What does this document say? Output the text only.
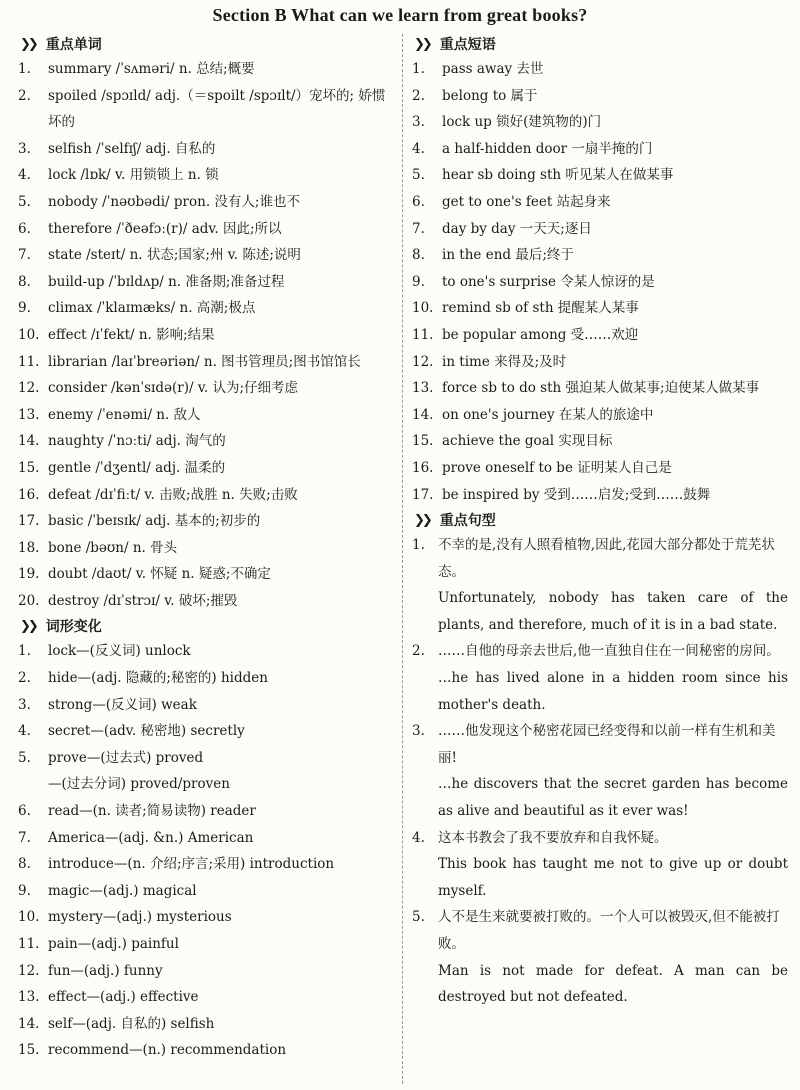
Section B What can we learn from great books?
❯❯ 重点单词
1.	summary /ˈsʌməri/ n. 总结;概要
2.	spoiled /spɔɪld/ adj.（＝spoilt /spɔɪlt/）宠坏的; 娇惯坏的
3.	selfish /ˈselfɪʃ/ adj. 自私的
4.	lock /lɒk/ v. 用锁锁上 n. 锁
5.	nobody /ˈnəʊbədi/ pron. 没有人;谁也不
6.	therefore /ˈðeəfɔː(r)/ adv. 因此;所以
7.	state /steɪt/ n. 状态;国家;州 v. 陈述;说明
8.	build-up /ˈbɪldʌp/ n. 准备期;准备过程
9.	climax /ˈklaɪmæks/ n. 高潮;极点
10. effect /ɪˈfekt/ n. 影响;结果
11. librarian /laɪˈbreəriən/ n. 图书管理员;图书馆馆长
12. consider /kənˈsɪdə(r)/ v. 认为;仔细考虑
13. enemy /ˈenəmi/ n. 敌人
14. naughty /ˈnɔːti/ adj. 淘气的
15. gentle /ˈdʒentl/ adj. 温柔的
16. defeat /dɪˈfiːt/ v. 击败;战胜 n. 失败;击败
17. basic /ˈbeɪsɪk/ adj. 基本的;初步的
18. bone /bəʊn/ n. 骨头
19. doubt /daʊt/ v. 怀疑 n. 疑惑;不确定
20. destroy /dɪˈstrɔɪ/ v. 破坏;摧毁
❯❯ 词形变化
1.	lock—(反义词) unlock
2.	hide—(adj. 隐藏的;秘密的) hidden
3.	strong—(反义词) weak
4.	secret—(adv. 秘密地) secretly
5.	prove—(过去式) proved
—(过去分词) proved/proven
6.	read—(n. 读者;简易读物) reader
7.	America—(adj. &n.) American
8.	introduce—(n. 介绍;序言;采用) introduction
9.	magic—(adj.) magical
10. mystery—(adj.) mysterious
11. pain—(adj.) painful
12. fun—(adj.) funny
13. effect—(adj.) effective
14. self—(adj. 自私的) selfish
15. recommend—(n.) recommendation
❯❯ 重点短语
1.	pass away 去世
2.	belong to 属于
3.	lock up 锁好(建筑物的)门
4.	a half-hidden door 一扇半掩的门
5.	hear sb doing sth 听见某人在做某事
6.	get to one's feet 站起身来
7.	day by day 一天天;逐日
8.	in the end 最后;终于
9.	to one's surprise 令某人惊讶的是
10. remind sb of sth 提醒某人某事
11. be popular among 受……欢迎
12. in time 来得及;及时
13. force sb to do sth 强迫某人做某事;迫使某人做某事
14. on one's journey 在某人的旅途中
15. achieve the goal 实现目标
16. prove oneself to be 证明某人自己是
17. be inspired by 受到……启发;受到……鼓舞
❯❯ 重点句型
1. 不幸的是,没有人照看植物,因此,花园大部分都处于荒芜状态。
Unfortunately, nobody has taken care of the plants, and therefore, much of it is in a bad state.
2. ……自他的母亲去世后,他一直独自住在一间秘密的房间。
…he has lived alone in a hidden room since his mother's death.
3. ……他发现这个秘密花园已经变得和以前一样有生机和美丽!
…he discovers that the secret garden has become as alive and beautiful as it ever was!
4. 这本书教会了我不要放弃和自我怀疑。
This book has taught me not to give up or doubt myself.
5. 人不是生来就要被打败的。一个人可以被毁灭,但不能被打败。
Man is not made for defeat. A man can be destroyed but not defeated.
